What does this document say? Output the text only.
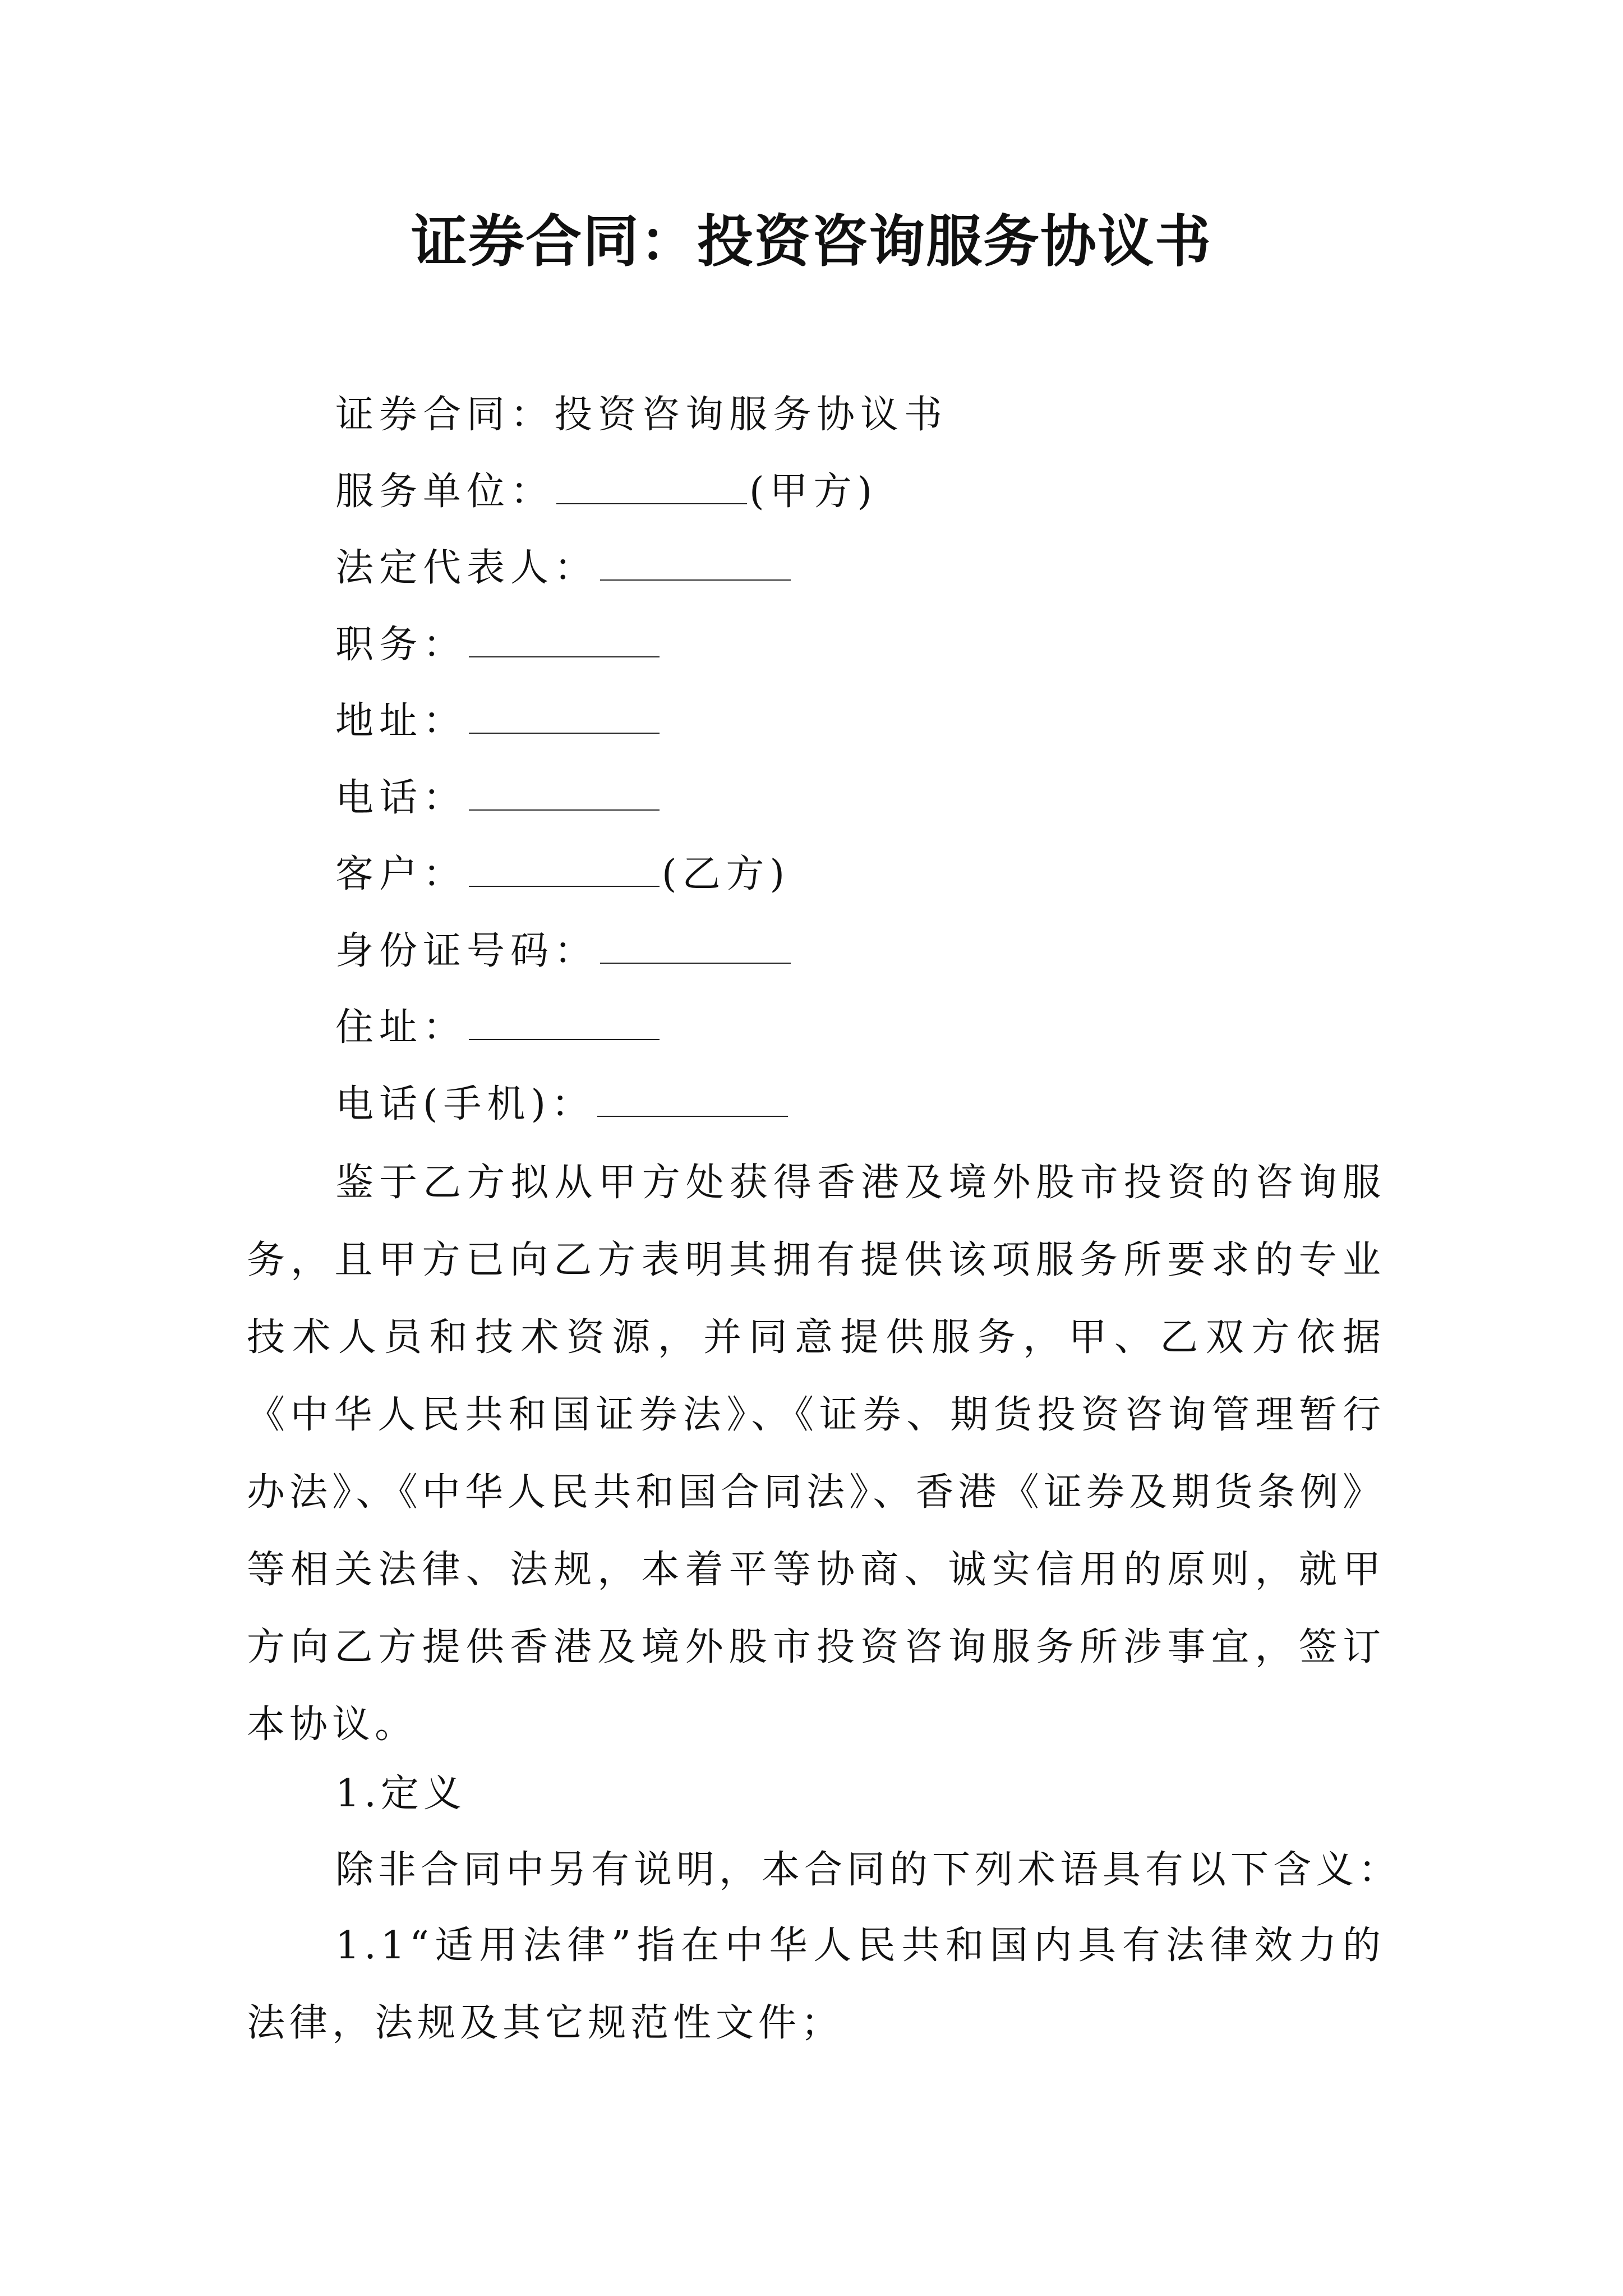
证券合同：投资咨询服务协议书
证券合同：投资咨询服务协议书
服务单位：	(甲方)
法定代表人：
职务：
地址：
电话：
客户：	(乙方)
身份证号码：
住址：
电话(手机)：
鉴于乙方拟从甲方处获得香港及境外股市投资的咨询服务，且甲方已向乙方表明其拥有提供该项服务所要求的专业技术人员和技术资源，并同意提供服务，甲、乙双方依据《中华人民共和国证券法》、《证券、期货投资咨询管理暂行办法》、《中华人民共和国合同法》、香港《证券及期货条例》等相关法律、法规，本着平等协商、诚实信用的原则，就甲方向乙方提供香港及境外股市投资咨询服务所涉事宜，签订本协议。
1.定义
除非合同中另有说明，本合同的下列术语具有以下含义：
1.1“适用法律”指在中华人民共和国内具有法律效力的法律，法规及其它规范性文件；
